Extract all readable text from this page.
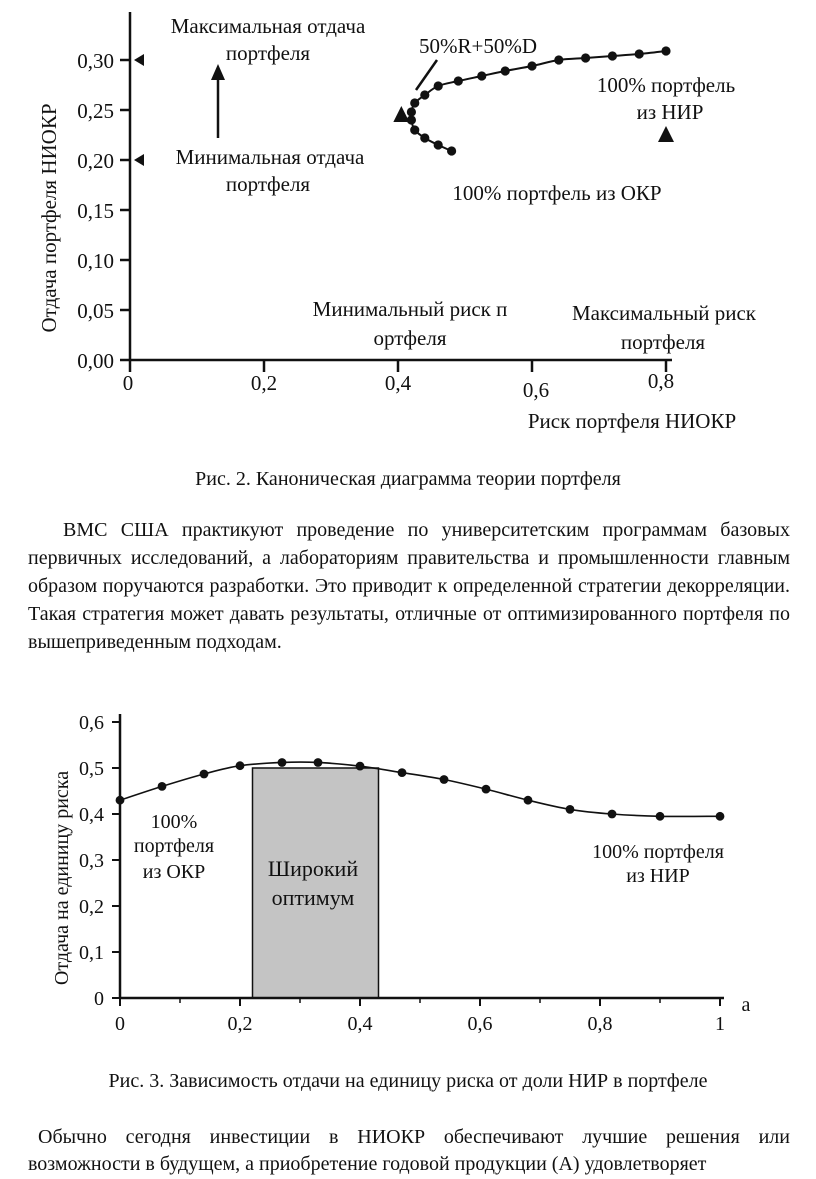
0,00
0,05
0,10
0,15
0,20
0,25
0,30
0	0,2	0,4	0,6	0,8
Отдача портфеля НИОКР
Риск портфеля НИОКР
Максимальная отдача
портфеля
Минимальная отдача
портфеля
50%R+50%D
100% портфель
из НИР
100% портфель из ОКР
Минимальный риск п
ортфеля
Максимальный риск
портфеля
Рис. 2. Каноническая диаграмма теории портфеля
ВМС США практикуют проведение по университетским программам базовых первичных исследований, а лабораториям правительства и промышленности главным образом поручаются разработки. Это приводит к определенной стратегии декорреляции. Такая стратегия может давать результаты, отличные от оптимизированного портфеля по вышеприведенным подходам.
0
0,1
0,2
0,3
0,4
0,5
0,6
0	0,2	0,4	0,6	0,8	1
Отдача на единицу риска
а
100%
портфеля
из ОКР
100% портфеля
из НИР
Широкий
оптимум
Рис. 3. Зависимость отдачи на единицу риска от доли НИР в портфеле
Обычно сегодня инвестиции в НИОКР обеспечивают лучшие решения или возможности в будущем, а приобретение годовой продукции (А) удовлетворяет
